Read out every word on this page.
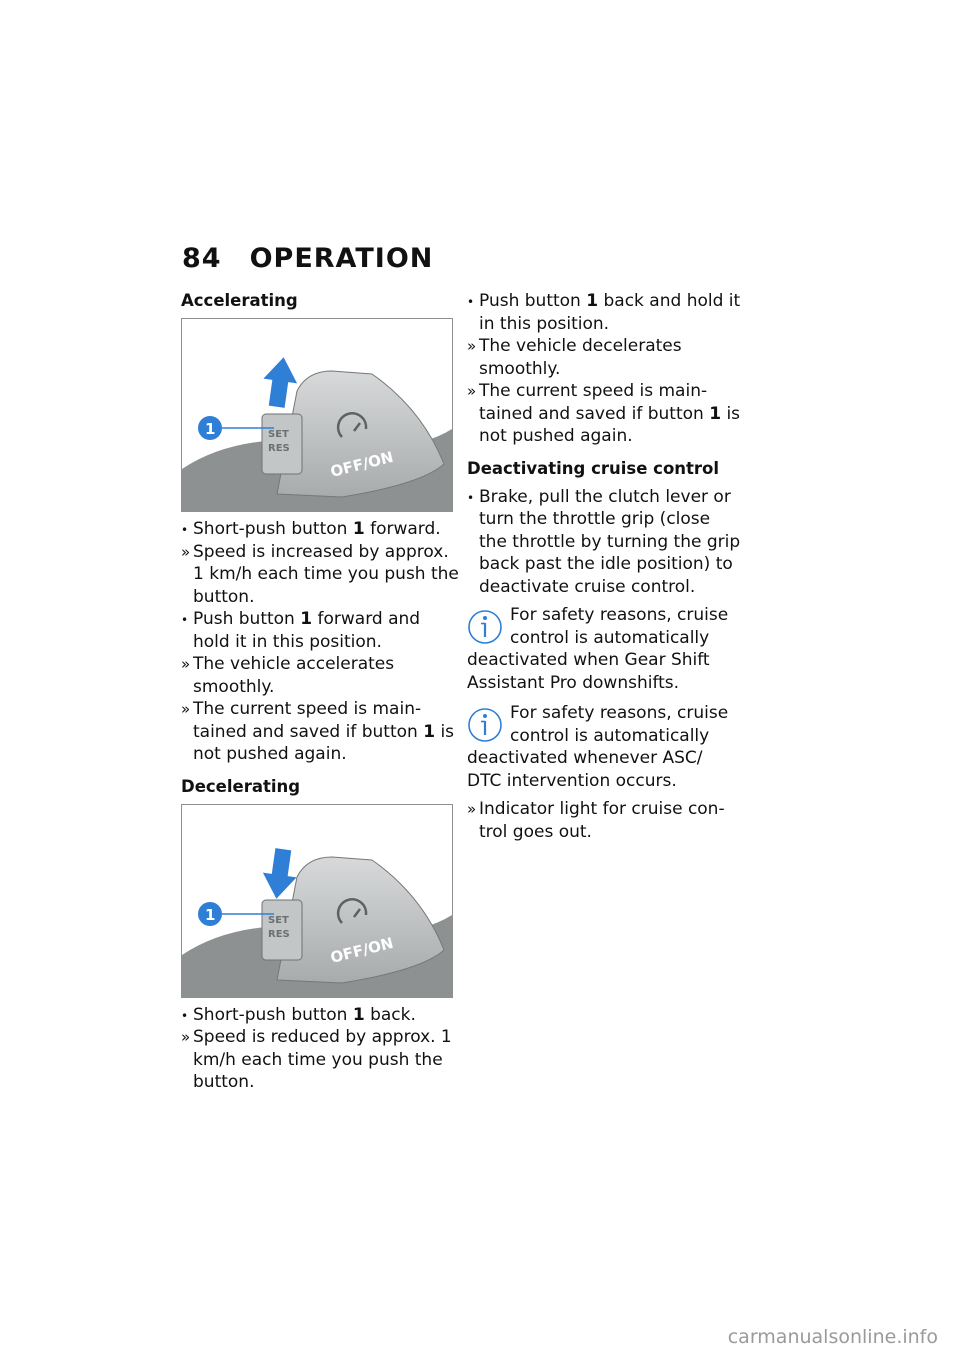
84 OPERATION
Accelerating
SET
RES	OFF/ON
1
• Short-push button 1 forward.
» Speed is increased by approx. 1 km/h each time you push the button.
• Push button 1 forward and hold it in this position.
» The vehicle accelerates smoothly.
» The current speed is maintained and saved if button 1 is not pushed again.
Decelerating
SET
RES	OFF/ON
1
• Short-push button 1 back.
» Speed is reduced by approx. 1 km/h each time you push the button.
• Push button 1 back and hold it in this position.
» The vehicle decelerates smoothly.
» The current speed is maintained and saved if button 1 is not pushed again.
Deactivating cruise control
• Brake, pull the clutch lever or turn the throttle grip (close the throttle by turning the grip back past the idle position) to deactivate cruise control.

For safety reasons, cruise control is automatically deactivated when Gear Shift Assistant Pro downshifts.

For safety reasons, cruise control is automatically deactivated whenever ASC/ DTC intervention occurs.

» Indicator light for cruise control goes out.
carmanualsonline.info
